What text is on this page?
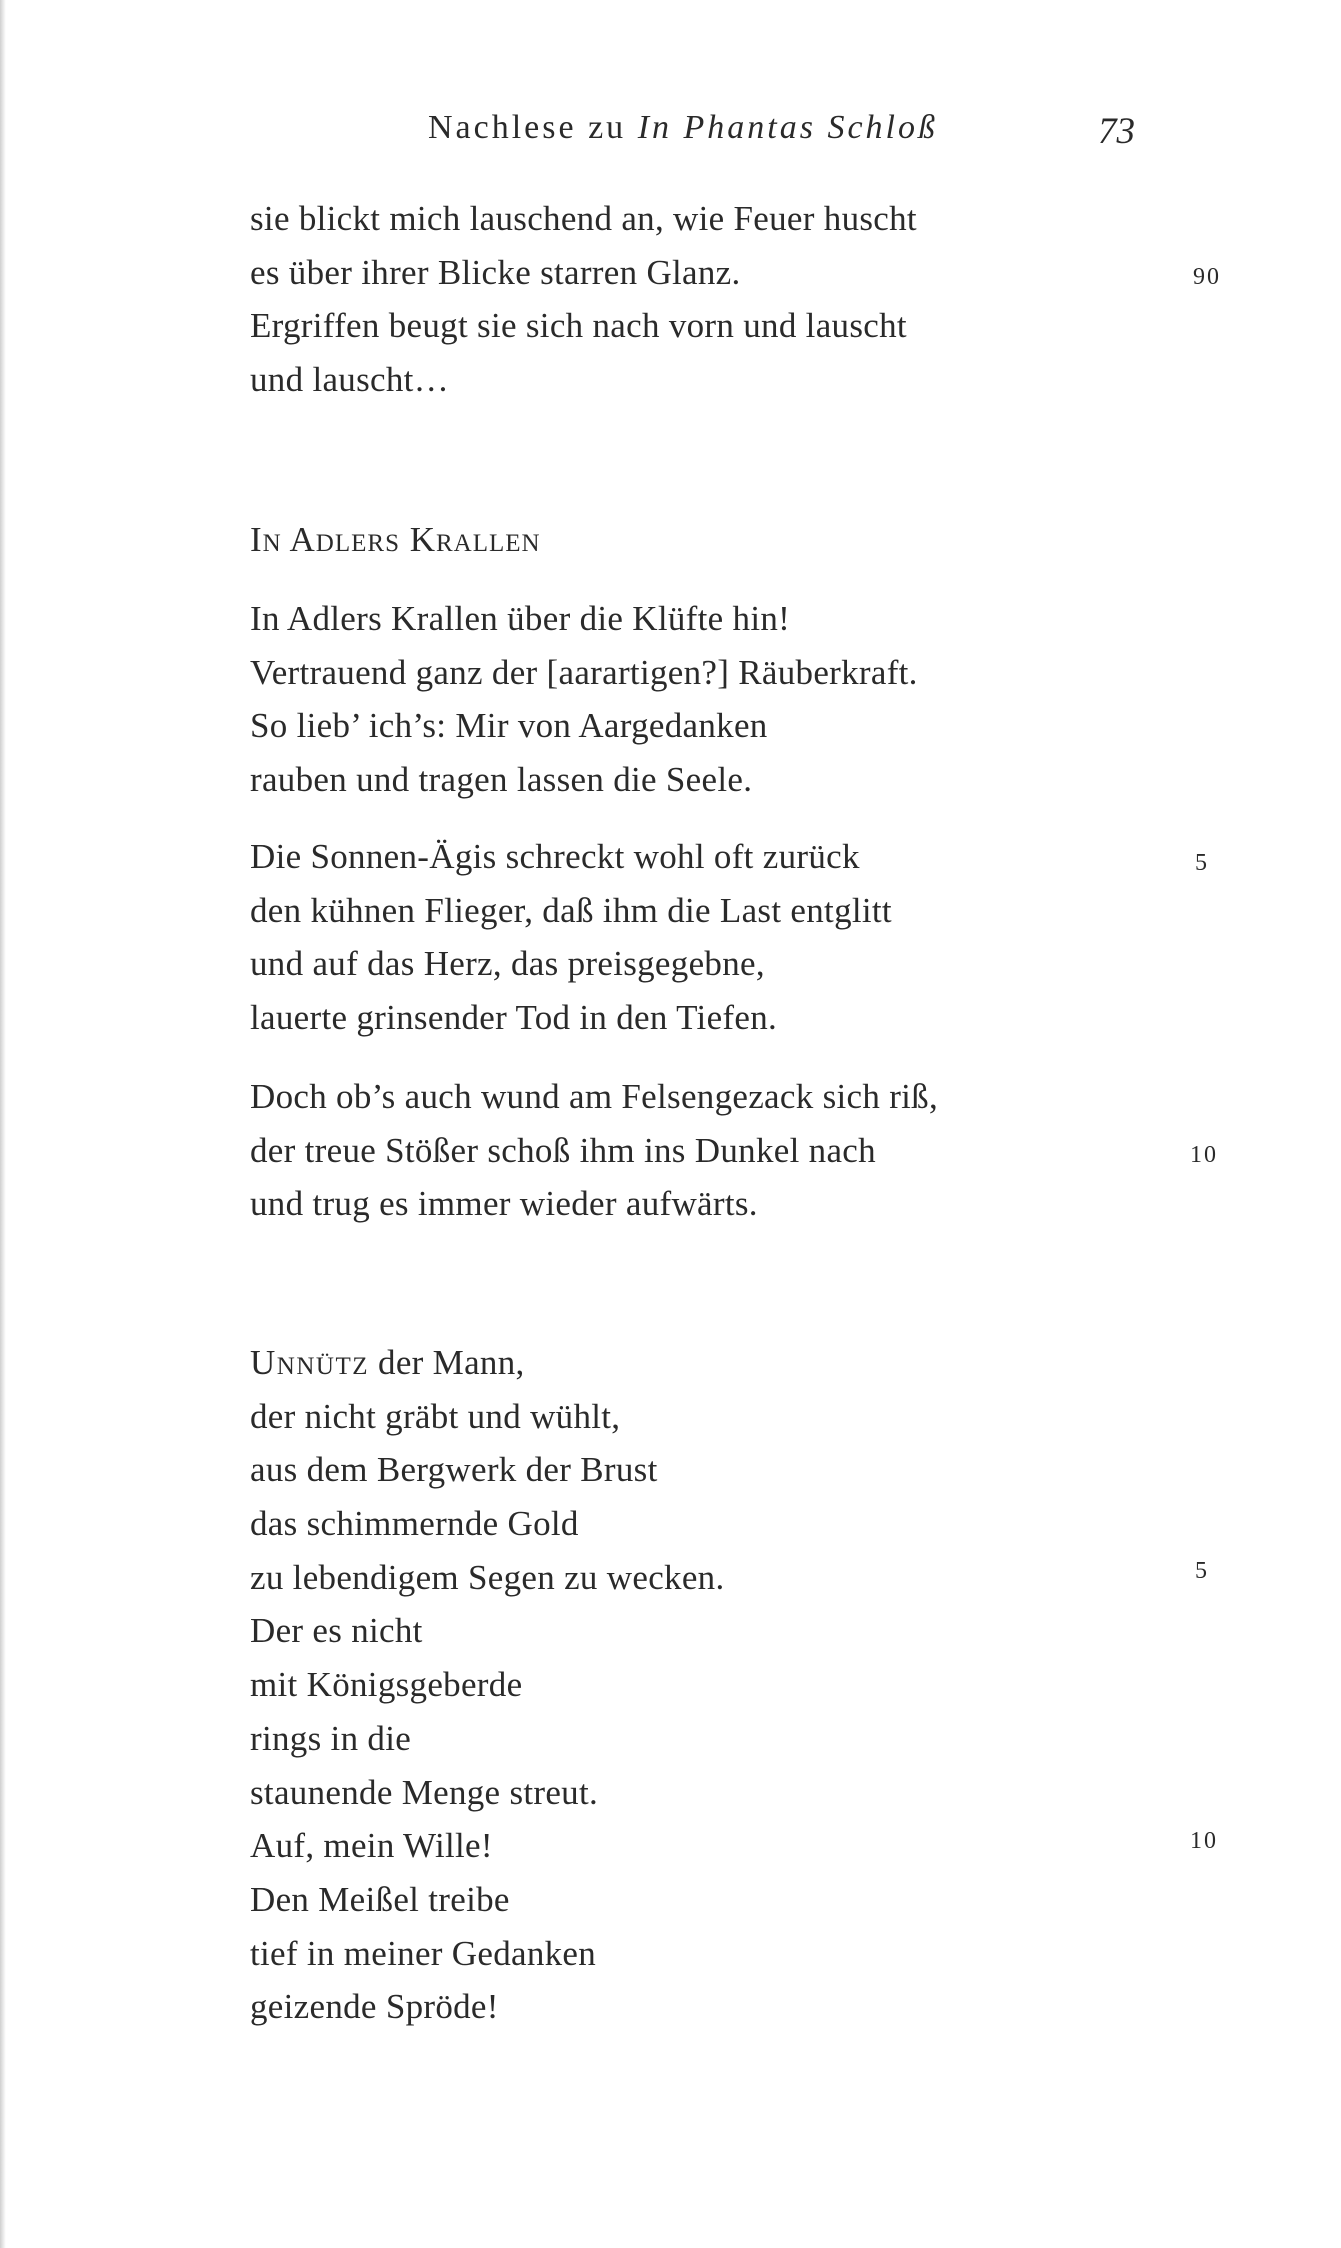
Nachlese zu In Phantas Schloß	73
sie blickt mich lauschend an, wie Feuer huscht
es über ihrer Blicke starren Glanz.
Ergriffen beugt sie sich nach vorn und lauscht
und lauscht…
90
In Adlers Krallen
In Adlers Krallen über die Klüfte hin!
Vertrauend ganz der [aarartigen?] Räuberkraft.
So lieb’ ich’s: Mir von Aargedanken
rauben und tragen lassen die Seele.
Die Sonnen-Ägis schreckt wohl oft zurück
den kühnen Flieger, daß ihm die Last entglitt
und auf das Herz, das preisgegebne,
lauerte grinsender Tod in den Tiefen.
5
Doch ob’s auch wund am Felsengezack sich riß,
der treue Stößer schoß ihm ins Dunkel nach
und trug es immer wieder aufwärts.
10
Unnütz der Mann,
der nicht gräbt und wühlt,
aus dem Bergwerk der Brust
das schimmernde Gold
zu lebendigem Segen zu wecken.
Der es nicht
mit Königsgeberde
rings in die
staunende Menge streut.
Auf, mein Wille!
Den Meißel treibe
tief in meiner Gedanken
geizende Spröde!
5
10
